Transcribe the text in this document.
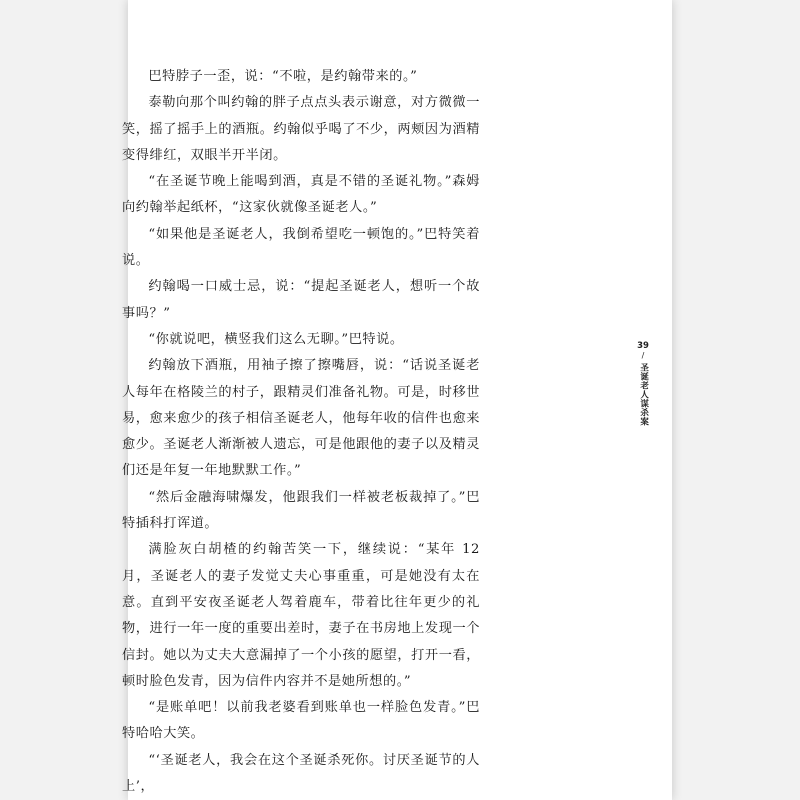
巴特脖子一歪，说：“不啦，是约翰带来的。”

泰勒向那个叫约翰的胖子点点头表示谢意，对方微微一笑，摇了摇手上的酒瓶。约翰似乎喝了不少，两颊因为酒精变得绯红，双眼半开半闭。

“在圣诞节晚上能喝到酒，真是不错的圣诞礼物。”森姆向约翰举起纸杯，“这家伙就像圣诞老人。”

“如果他是圣诞老人，我倒希望吃一顿饱的。”巴特笑着说。

约翰喝一口威士忌，说：“提起圣诞老人，想听一个故事吗？”

“你就说吧，横竖我们这么无聊。”巴特说。

约翰放下酒瓶，用袖子擦了擦嘴唇，说：“话说圣诞老人每年在格陵兰的村子，跟精灵们准备礼物。可是，时移世易，愈来愈少的孩子相信圣诞老人，他每年收的信件也愈来愈少。圣诞老人渐渐被人遗忘，可是他跟他的妻子以及精灵们还是年复一年地默默工作。”

“然后金融海啸爆发，他跟我们一样被老板裁掉了。”巴特插科打诨道。

满脸灰白胡楂的约翰苦笑一下，继续说：“某年 12 月，圣诞老人的妻子发觉丈夫心事重重，可是她没有太在意。直到平安夜圣诞老人驾着鹿车，带着比往年更少的礼物，进行一年一度的重要出差时，妻子在书房地上发现一个信封。她以为丈夫大意漏掉了一个小孩的愿望，打开一看，顿时脸色发青，因为信件内容并不是她所想的。”

“是账单吧！以前我老婆看到账单也一样脸色发青。”巴特哈哈大笑。

“‘圣诞老人，我会在这个圣诞杀死你。讨厌圣诞节的人上’，

39
/
圣诞老人谋杀案
